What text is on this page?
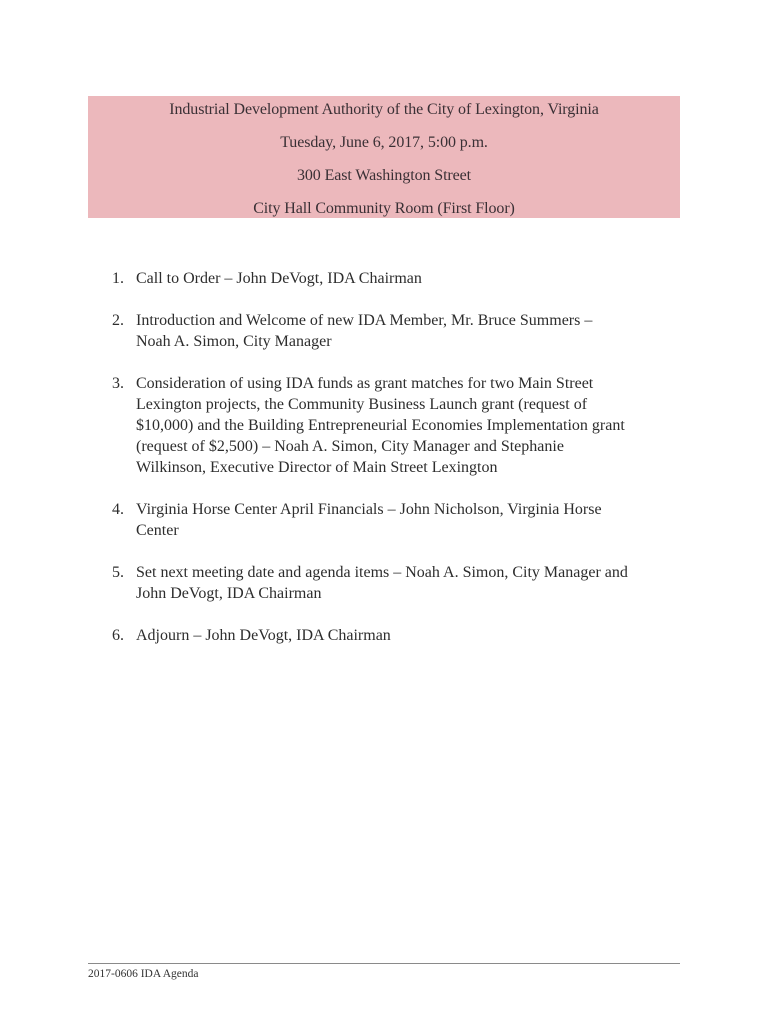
Industrial Development Authority of the City of Lexington, Virginia
Tuesday, June 6, 2017, 5:00 p.m.
300 East Washington Street
City Hall Community Room (First Floor)
1. Call to Order – John DeVogt, IDA Chairman
2. Introduction and Welcome of new IDA Member, Mr. Bruce Summers –
Noah A. Simon, City Manager
3. Consideration of using IDA funds as grant matches for two Main Street
Lexington projects, the Community Business Launch grant (request of
$10,000) and the Building Entrepreneurial Economies Implementation grant
(request of $2,500) – Noah A. Simon, City Manager and Stephanie
Wilkinson, Executive Director of Main Street Lexington
4. Virginia Horse Center April Financials – John Nicholson, Virginia Horse
Center
5. Set next meeting date and agenda items – Noah A. Simon, City Manager and
John DeVogt, IDA Chairman
6. Adjourn – John DeVogt, IDA Chairman
2017-0606 IDA Agenda
